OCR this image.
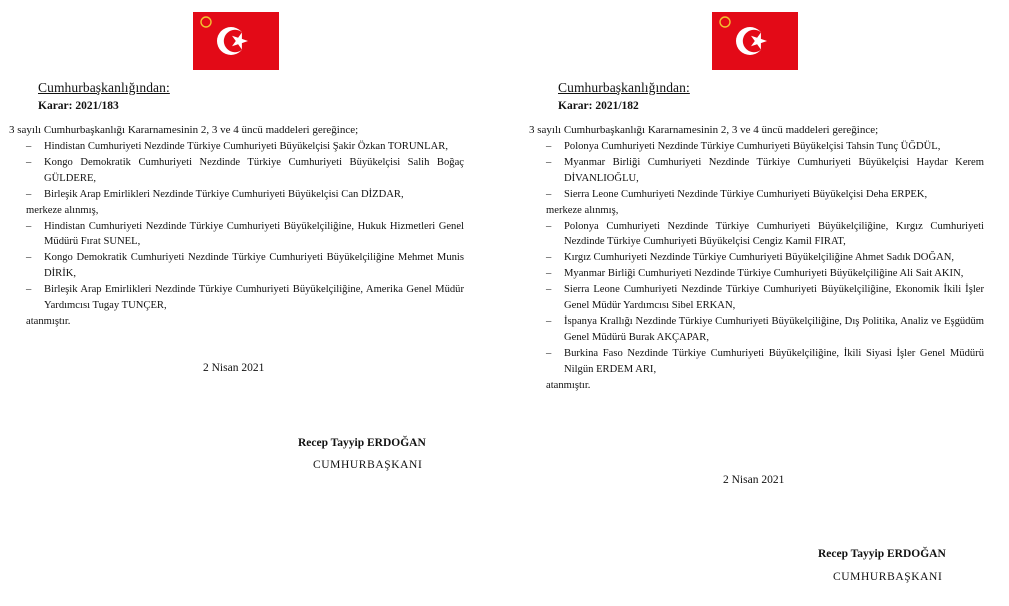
Cumhurbaşkanlığından:
Karar: 2021/183
3 sayılı Cumhurbaşkanlığı Kararnamesinin 2, 3 ve 4 üncü maddeleri gereğince;
– Hindistan Cumhuriyeti Nezdinde Türkiye Cumhuriyeti Büyükelçisi Şakir Özkan TORUNLAR,
– Kongo Demokratik Cumhuriyeti Nezdinde Türkiye Cumhuriyeti Büyükelçisi Salih Boğaç GÜLDERE,
– Birleşik Arap Emirlikleri Nezdinde Türkiye Cumhuriyeti Büyükelçisi Can DİZDAR,
merkeze alınmış,
– Hindistan Cumhuriyeti Nezdinde Türkiye Cumhuriyeti Büyükelçiliğine, Hukuk Hizmetleri Genel Müdürü Fırat SUNEL,
– Kongo Demokratik Cumhuriyeti Nezdinde Türkiye Cumhuriyeti Büyükelçiliğine Mehmet Munis DİRİK,
– Birleşik Arap Emirlikleri Nezdinde Türkiye Cumhuriyeti Büyükelçiliğine, Amerika Genel Müdür Yardımcısı Tugay TUNÇER,
atanmıştır.
2 Nisan 2021
Recep Tayyip ERDOĞAN
CUMHURBAŞKANI
Cumhurbaşkanlığından:
Karar: 2021/182
3 sayılı Cumhurbaşkanlığı Kararnamesinin 2, 3 ve 4 üncü maddeleri gereğince;
– Polonya Cumhuriyeti Nezdinde Türkiye Cumhuriyeti Büyükelçisi Tahsin Tunç ÜĞDÜL,
– Myanmar Birliği Cumhuriyeti Nezdinde Türkiye Cumhuriyeti Büyükelçisi Haydar Kerem DİVANLIOĞLU,
– Sierra Leone Cumhuriyeti Nezdinde Türkiye Cumhuriyeti Büyükelçisi Deha ERPEK,
merkeze alınmış,
– Polonya Cumhuriyeti Nezdinde Türkiye Cumhuriyeti Büyükelçiliğine, Kırgız Cumhuriyeti Nezdinde Türkiye Cumhuriyeti Büyükelçisi Cengiz Kamil FIRAT,
– Kırgız Cumhuriyeti Nezdinde Türkiye Cumhuriyeti Büyükelçiliğine Ahmet Sadık DOĞAN,
– Myanmar Birliği Cumhuriyeti Nezdinde Türkiye Cumhuriyeti Büyükelçiliğine Ali Sait AKIN,
– Sierra Leone Cumhuriyeti Nezdinde Türkiye Cumhuriyeti Büyükelçiliğine, Ekonomik İkili İşler Genel Müdür Yardımcısı Sibel ERKAN,
– İspanya Krallığı Nezdinde Türkiye Cumhuriyeti Büyükelçiliğine, Dış Politika, Analiz ve Eşgüdüm Genel Müdürü Burak AKÇAPAR,
– Burkina Faso Nezdinde Türkiye Cumhuriyeti Büyükelçiliğine, İkili Siyasi İşler Genel Müdürü Nilgün ERDEM ARI,
atanmıştır.
2 Nisan 2021
Recep Tayyip ERDOĞAN
CUMHURBAŞKANI
